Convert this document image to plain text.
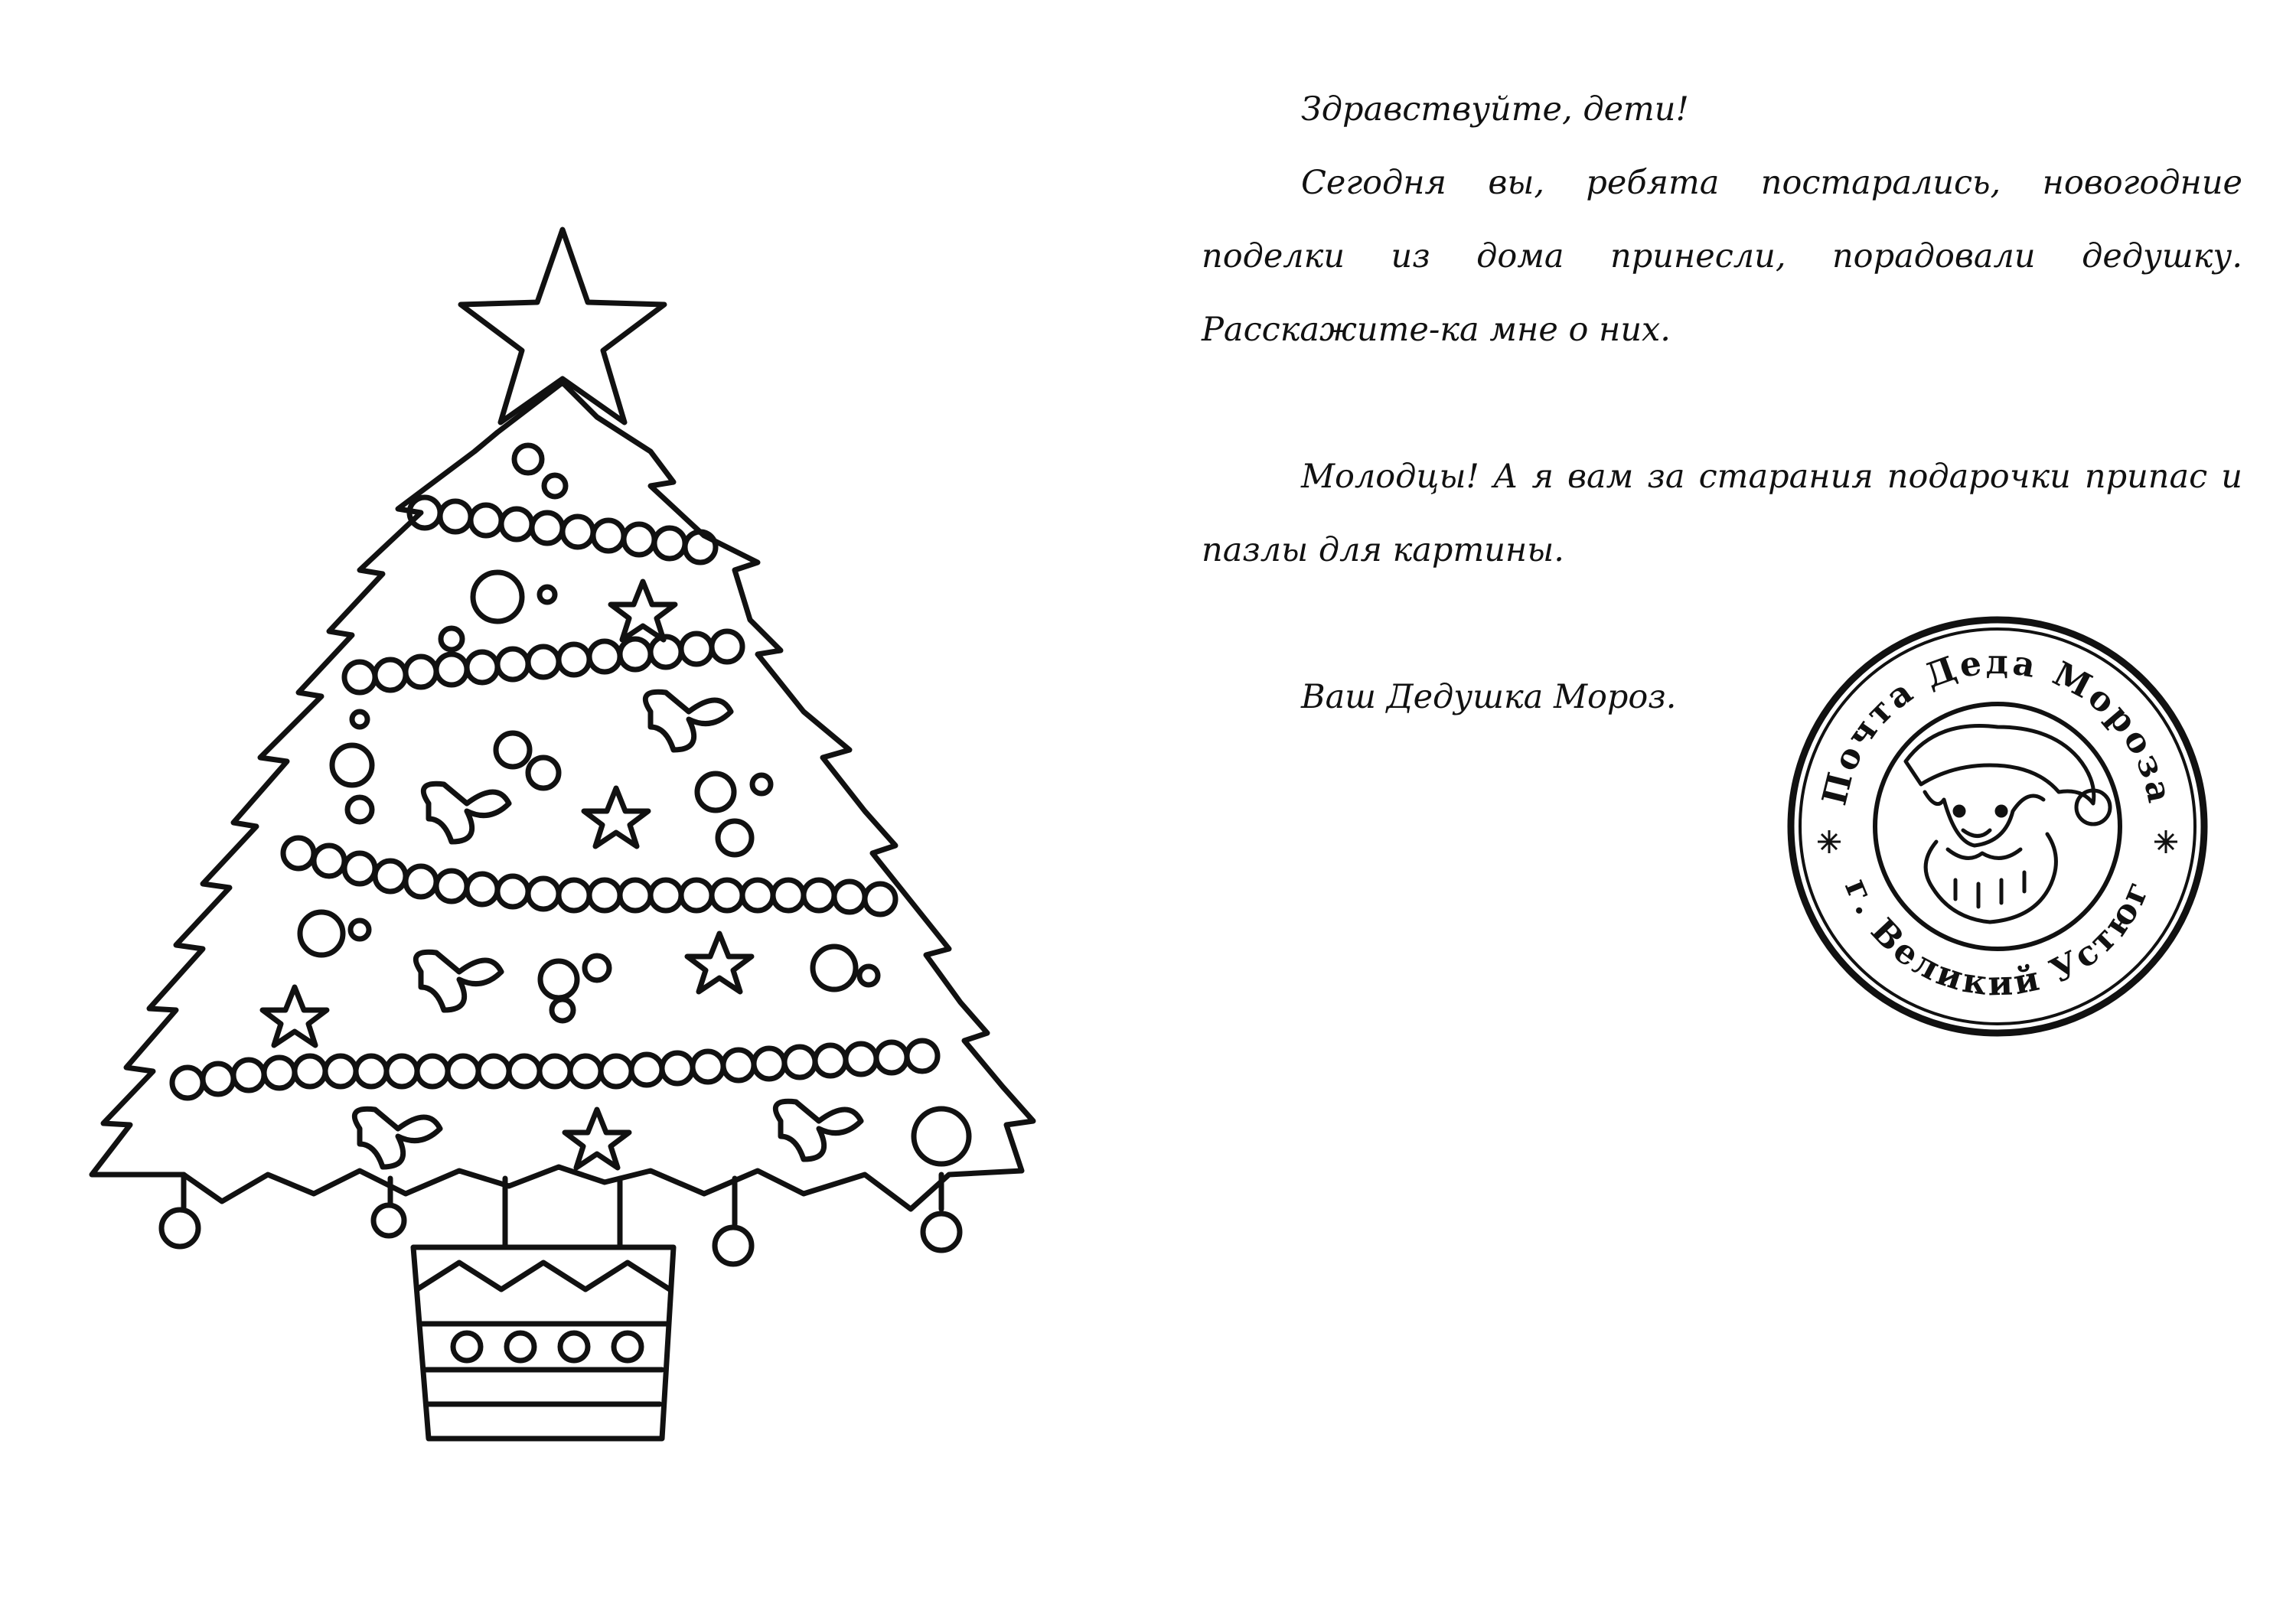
Здравствуйте, дети!

Сегодня вы, ребята постарались, новогодние поделки из дома принесли, порадовали дедушку. Расскажите-ка мне о них.

Молодцы! А я вам за старания подарочки припас и пазлы для картины.

Ваш Дедушка Мороз.

Почта Деда Мороза
г. Великий Устюг
